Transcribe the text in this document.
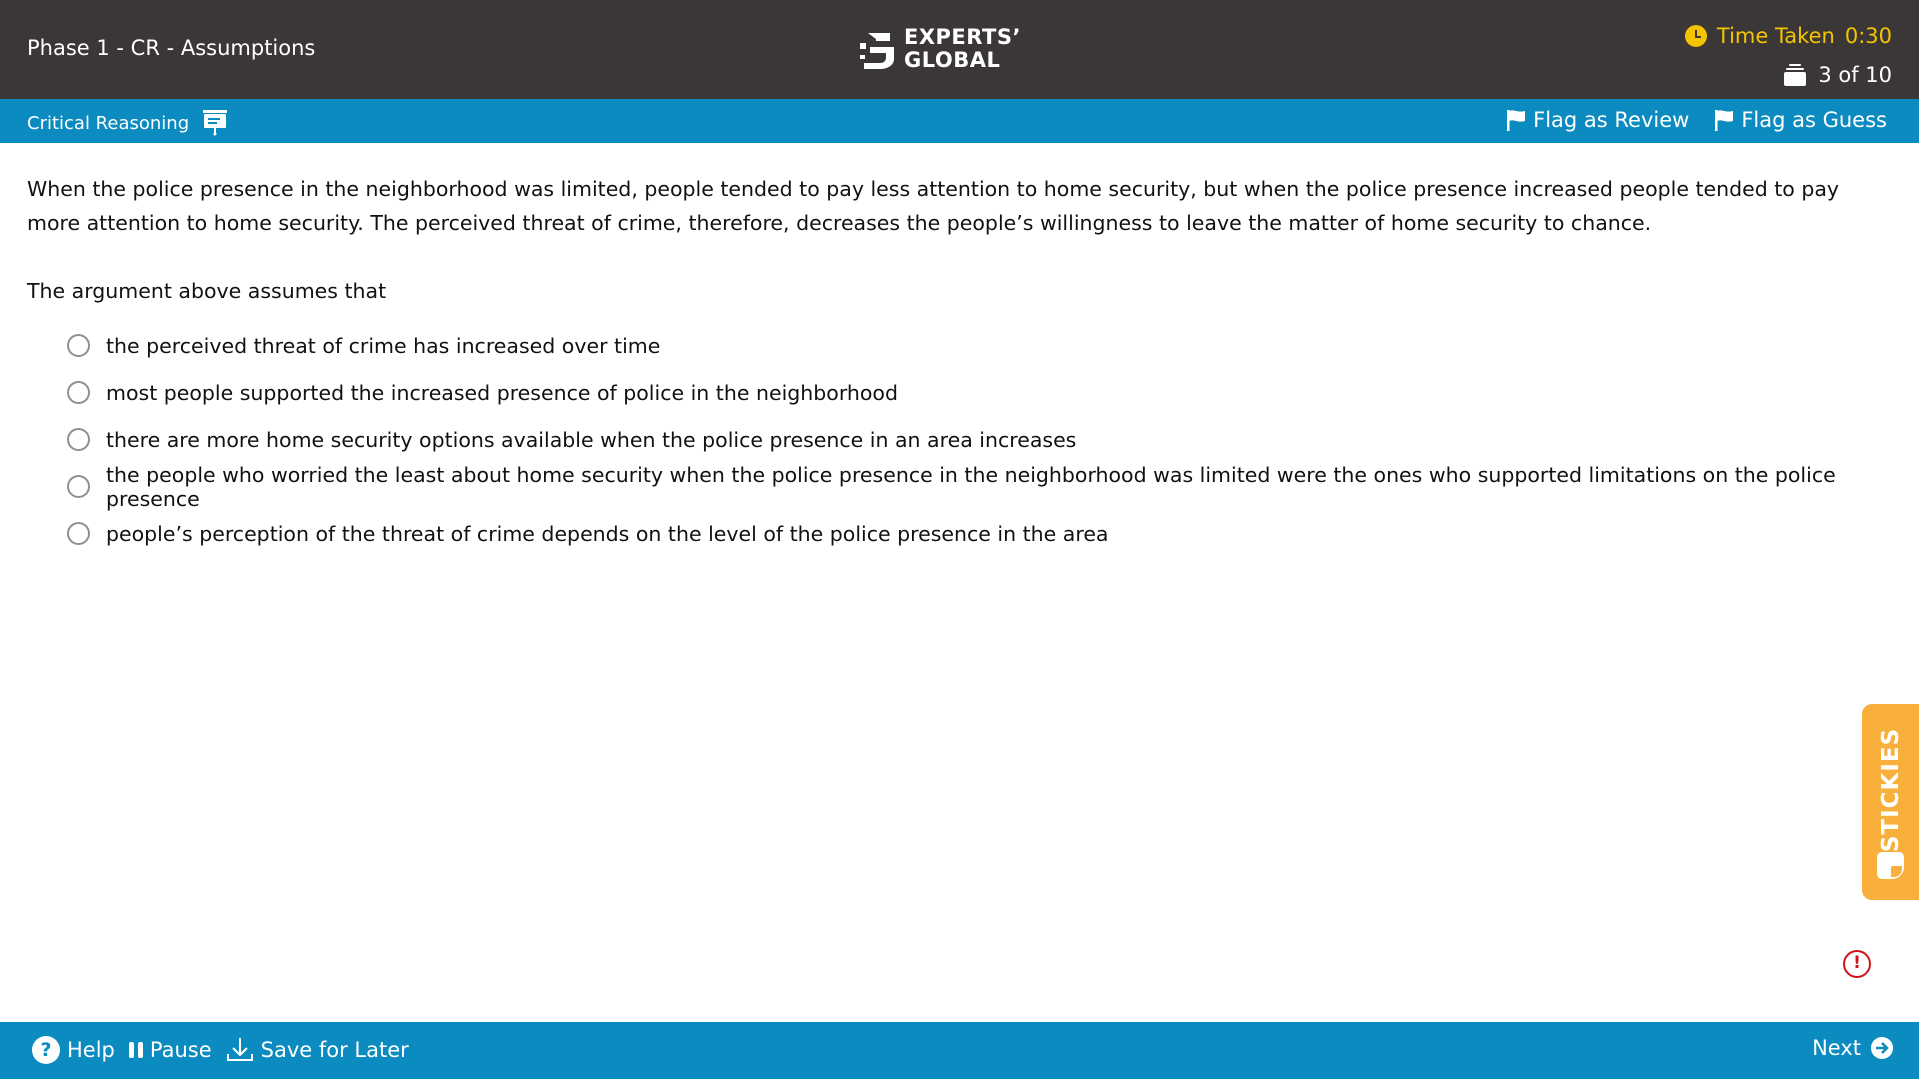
Phase 1 - CR - Assumptions	EXPERTS’
GLOBAL
Time Taken 0:30
3 of 10
Critical Reasoning	Flag as Review Flag as Guess

When the police presence in the neighborhood was limited, people tended to pay less attention to home security, but when the police presence increased people tended to pay more attention to home security. The perceived threat of crime, therefore, decreases the people’s willingness to leave the matter of home security to chance.

The argument above assumes that

the perceived threat of crime has increased over time
most people supported the increased presence of police in the neighborhood
there are more home security options available when the police presence in an area increases
the people who worried the least about home security when the police presence in the neighborhood was limited were the ones who supported limitations on the police presence
people’s perception of the threat of crime depends on the level of the police presence in the area
STICKIES
!
? Help Pause Save for Later	Next
